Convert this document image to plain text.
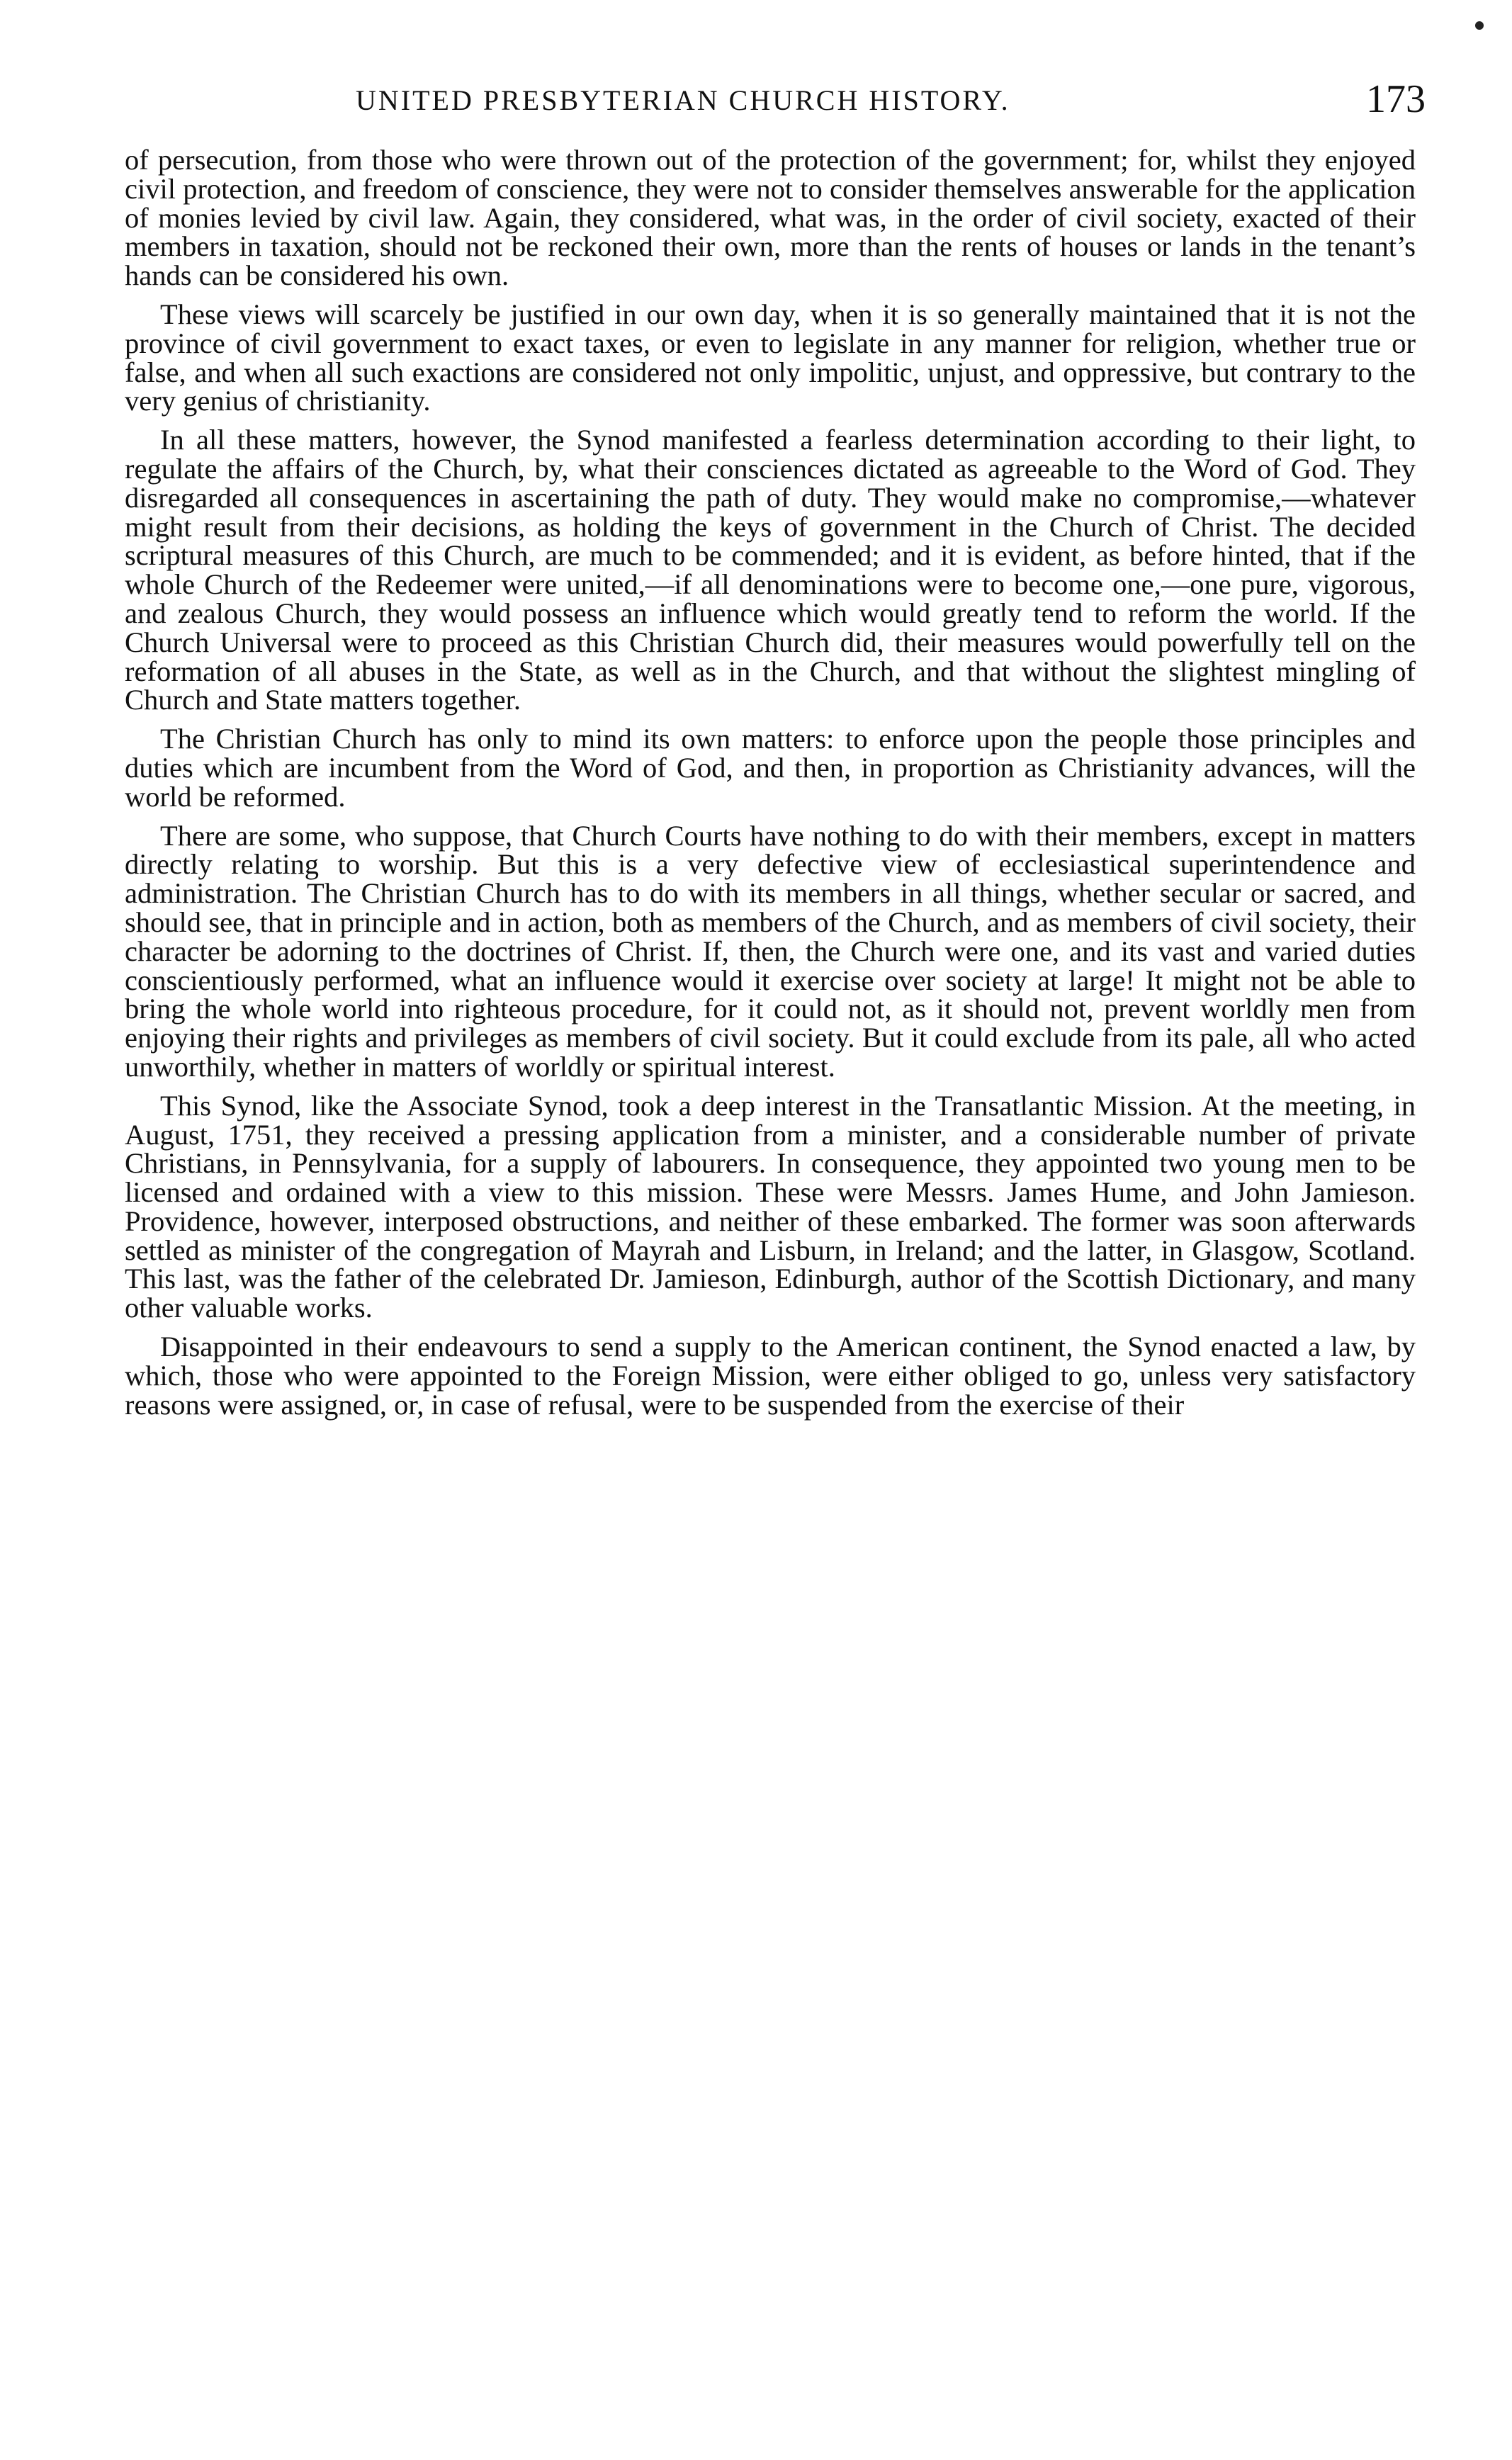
UNITED PRESBYTERIAN CHURCH HISTORY.	173

of persecution, from those who were thrown out of the protection of the government; for, whilst they enjoyed civil protection, and freedom of conscience, they were not to consider themselves answerable for the application of monies levied by civil law. Again, they considered, what was, in the order of civil society, exacted of their members in taxation, should not be reckoned their own, more than the rents of houses or lands in the tenant’s hands can be considered his own.

These views will scarcely be justified in our own day, when it is so generally maintained that it is not the province of civil government to exact taxes, or even to legislate in any manner for religion, whether true or false, and when all such exactions are considered not only impolitic, unjust, and oppressive, but contrary to the very genius of christianity.

In all these matters, however, the Synod manifested a fearless determination according to their light, to regulate the affairs of the Church, by, what their consciences dictated as agreeable to the Word of God. They disregarded all consequences in ascertaining the path of duty. They would make no compromise,—whatever might result from their decisions, as holding the keys of government in the Church of Christ. The decided scriptural measures of this Church, are much to be commended; and it is evident, as before hinted, that if the whole Church of the Redeemer were united,—if all denominations were to become one,—one pure, vigorous, and zealous Church, they would possess an influence which would greatly tend to reform the world. If the Church Universal were to proceed as this Christian Church did, their measures would powerfully tell on the reformation of all abuses in the State, as well as in the Church, and that without the slightest mingling of Church and State matters together.

The Christian Church has only to mind its own matters: to enforce upon the people those principles and duties which are incumbent from the Word of God, and then, in proportion as Christianity advances, will the world be reformed.

There are some, who suppose, that Church Courts have nothing to do with their members, except in matters directly relating to worship. But this is a very defective view of ecclesiastical superintendence and administration. The Christian Church has to do with its members in all things, whether secular or sacred, and should see, that in principle and in action, both as members of the Church, and as members of civil society, their character be adorning to the doctrines of Christ. If, then, the Church were one, and its vast and varied duties conscientiously performed, what an influence would it exercise over society at large! It might not be able to bring the whole world into righteous procedure, for it could not, as it should not, prevent worldly men from enjoying their rights and privileges as members of civil society. But it could exclude from its pale, all who acted unworthily, whether in matters of worldly or spiritual interest.

This Synod, like the Associate Synod, took a deep interest in the Transatlantic Mission. At the meeting, in August, 1751, they received a pressing application from a minister, and a considerable number of private Christians, in Pennsylvania, for a supply of labourers. In consequence, they appointed two young men to be licensed and ordained with a view to this mission. These were Messrs. James Hume, and John Jamieson. Providence, however, interposed obstructions, and neither of these embarked. The former was soon afterwards settled as minister of the congregation of Mayrah and Lisburn, in Ireland; and the latter, in Glasgow, Scotland. This last, was the father of the celebrated Dr. Jamieson, Edinburgh, author of the Scottish Dictionary, and many other valuable works.

Disappointed in their endeavours to send a supply to the American continent, the Synod enacted a law, by which, those who were appointed to the Foreign Mission, were either obliged to go, unless very satisfactory reasons were assigned, or, in case of refusal, were to be suspended from the exercise of their
